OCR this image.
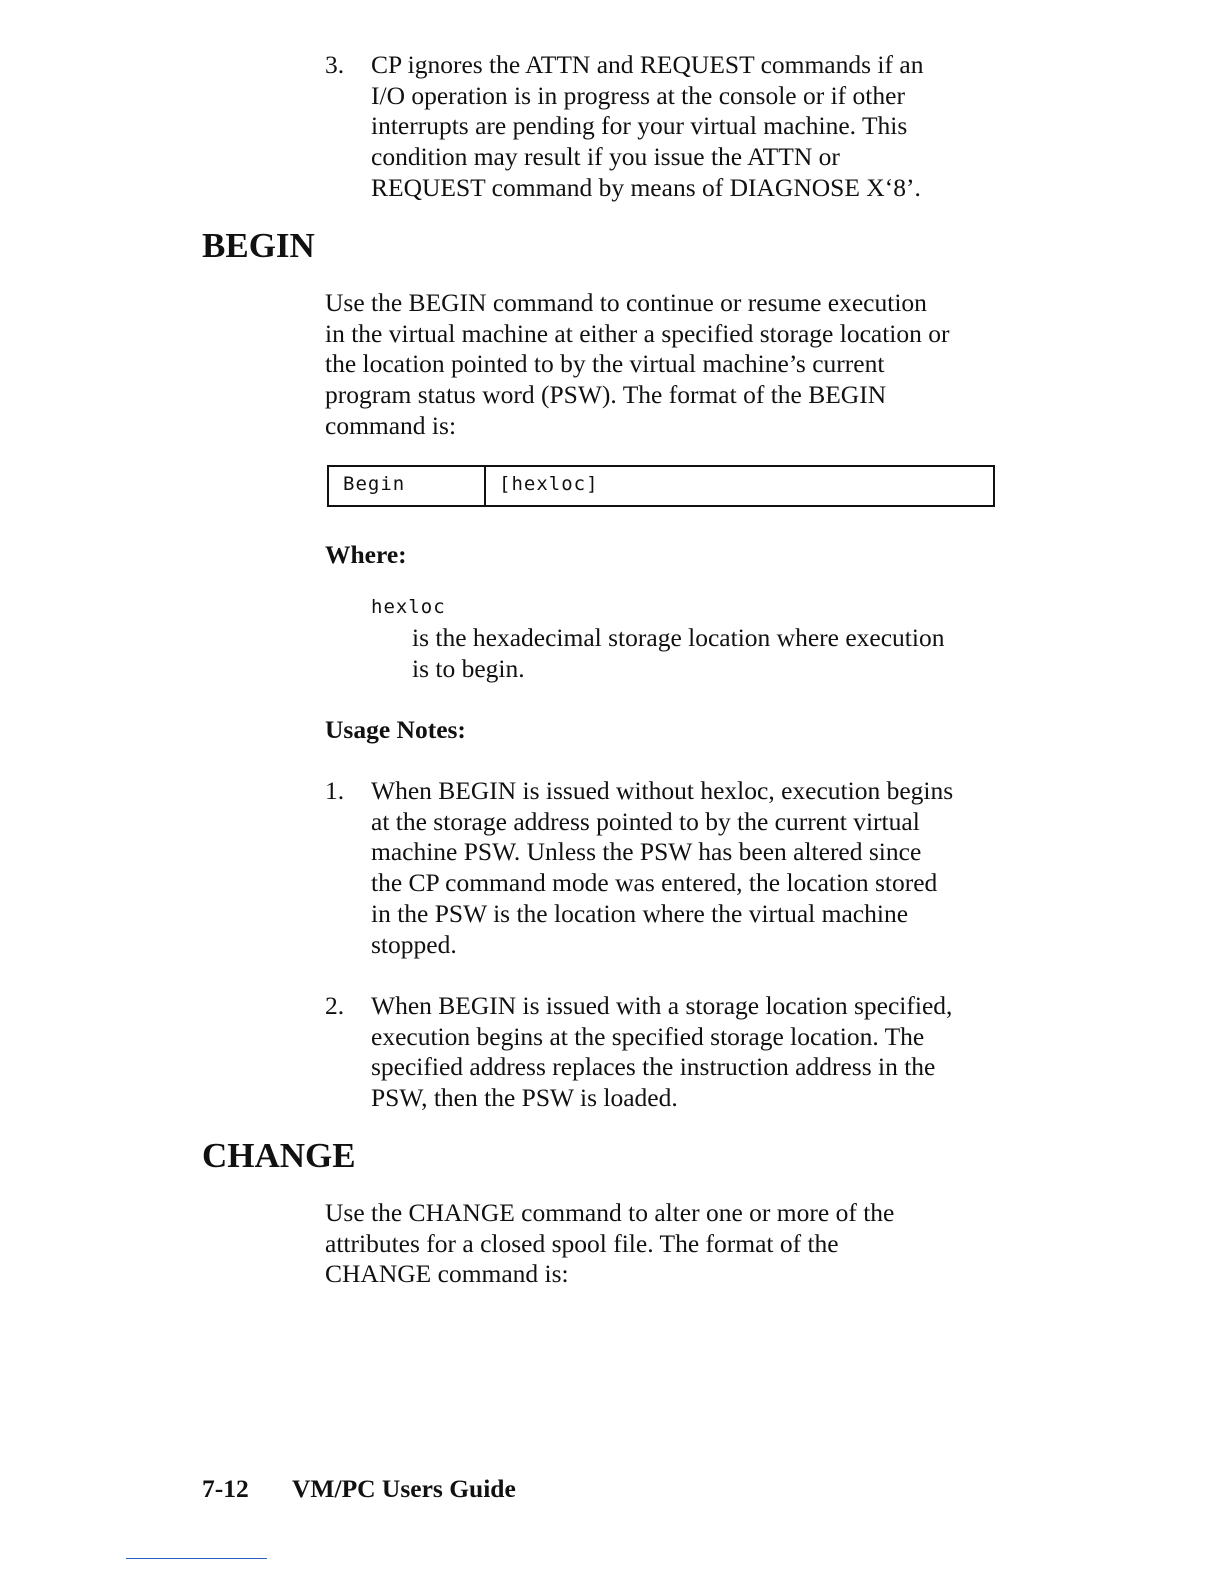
3. CP ignores the ATTN and REQUEST commands if an
I/O operation is in progress at the console or if other
interrupts are pending for your virtual machine. This
condition may result if you issue the ATTN or
REQUEST command by means of DIAGNOSE X‘8’.
BEGIN
Use the BEGIN command to continue or resume execution
in the virtual machine at either a specified storage location or
the location pointed to by the virtual machine’s current
program status word (PSW). The format of the BEGIN
command is:
Begin	[hexloc]
Where:
hexloc
is the hexadecimal storage location where execution
is to begin.
Usage Notes:
1. When BEGIN is issued without hexloc, execution begins
at the storage address pointed to by the current virtual
machine PSW. Unless the PSW has been altered since
the CP command mode was entered, the location stored
in the PSW is the location where the virtual machine
stopped.
2. When BEGIN is issued with a storage location specified,
execution begins at the specified storage location. The
specified address replaces the instruction address in the
PSW, then the PSW is loaded.
CHANGE
Use the CHANGE command to alter one or more of the
attributes for a closed spool file. The format of the
CHANGE command is:
7-12 VM/PC Users Guide
